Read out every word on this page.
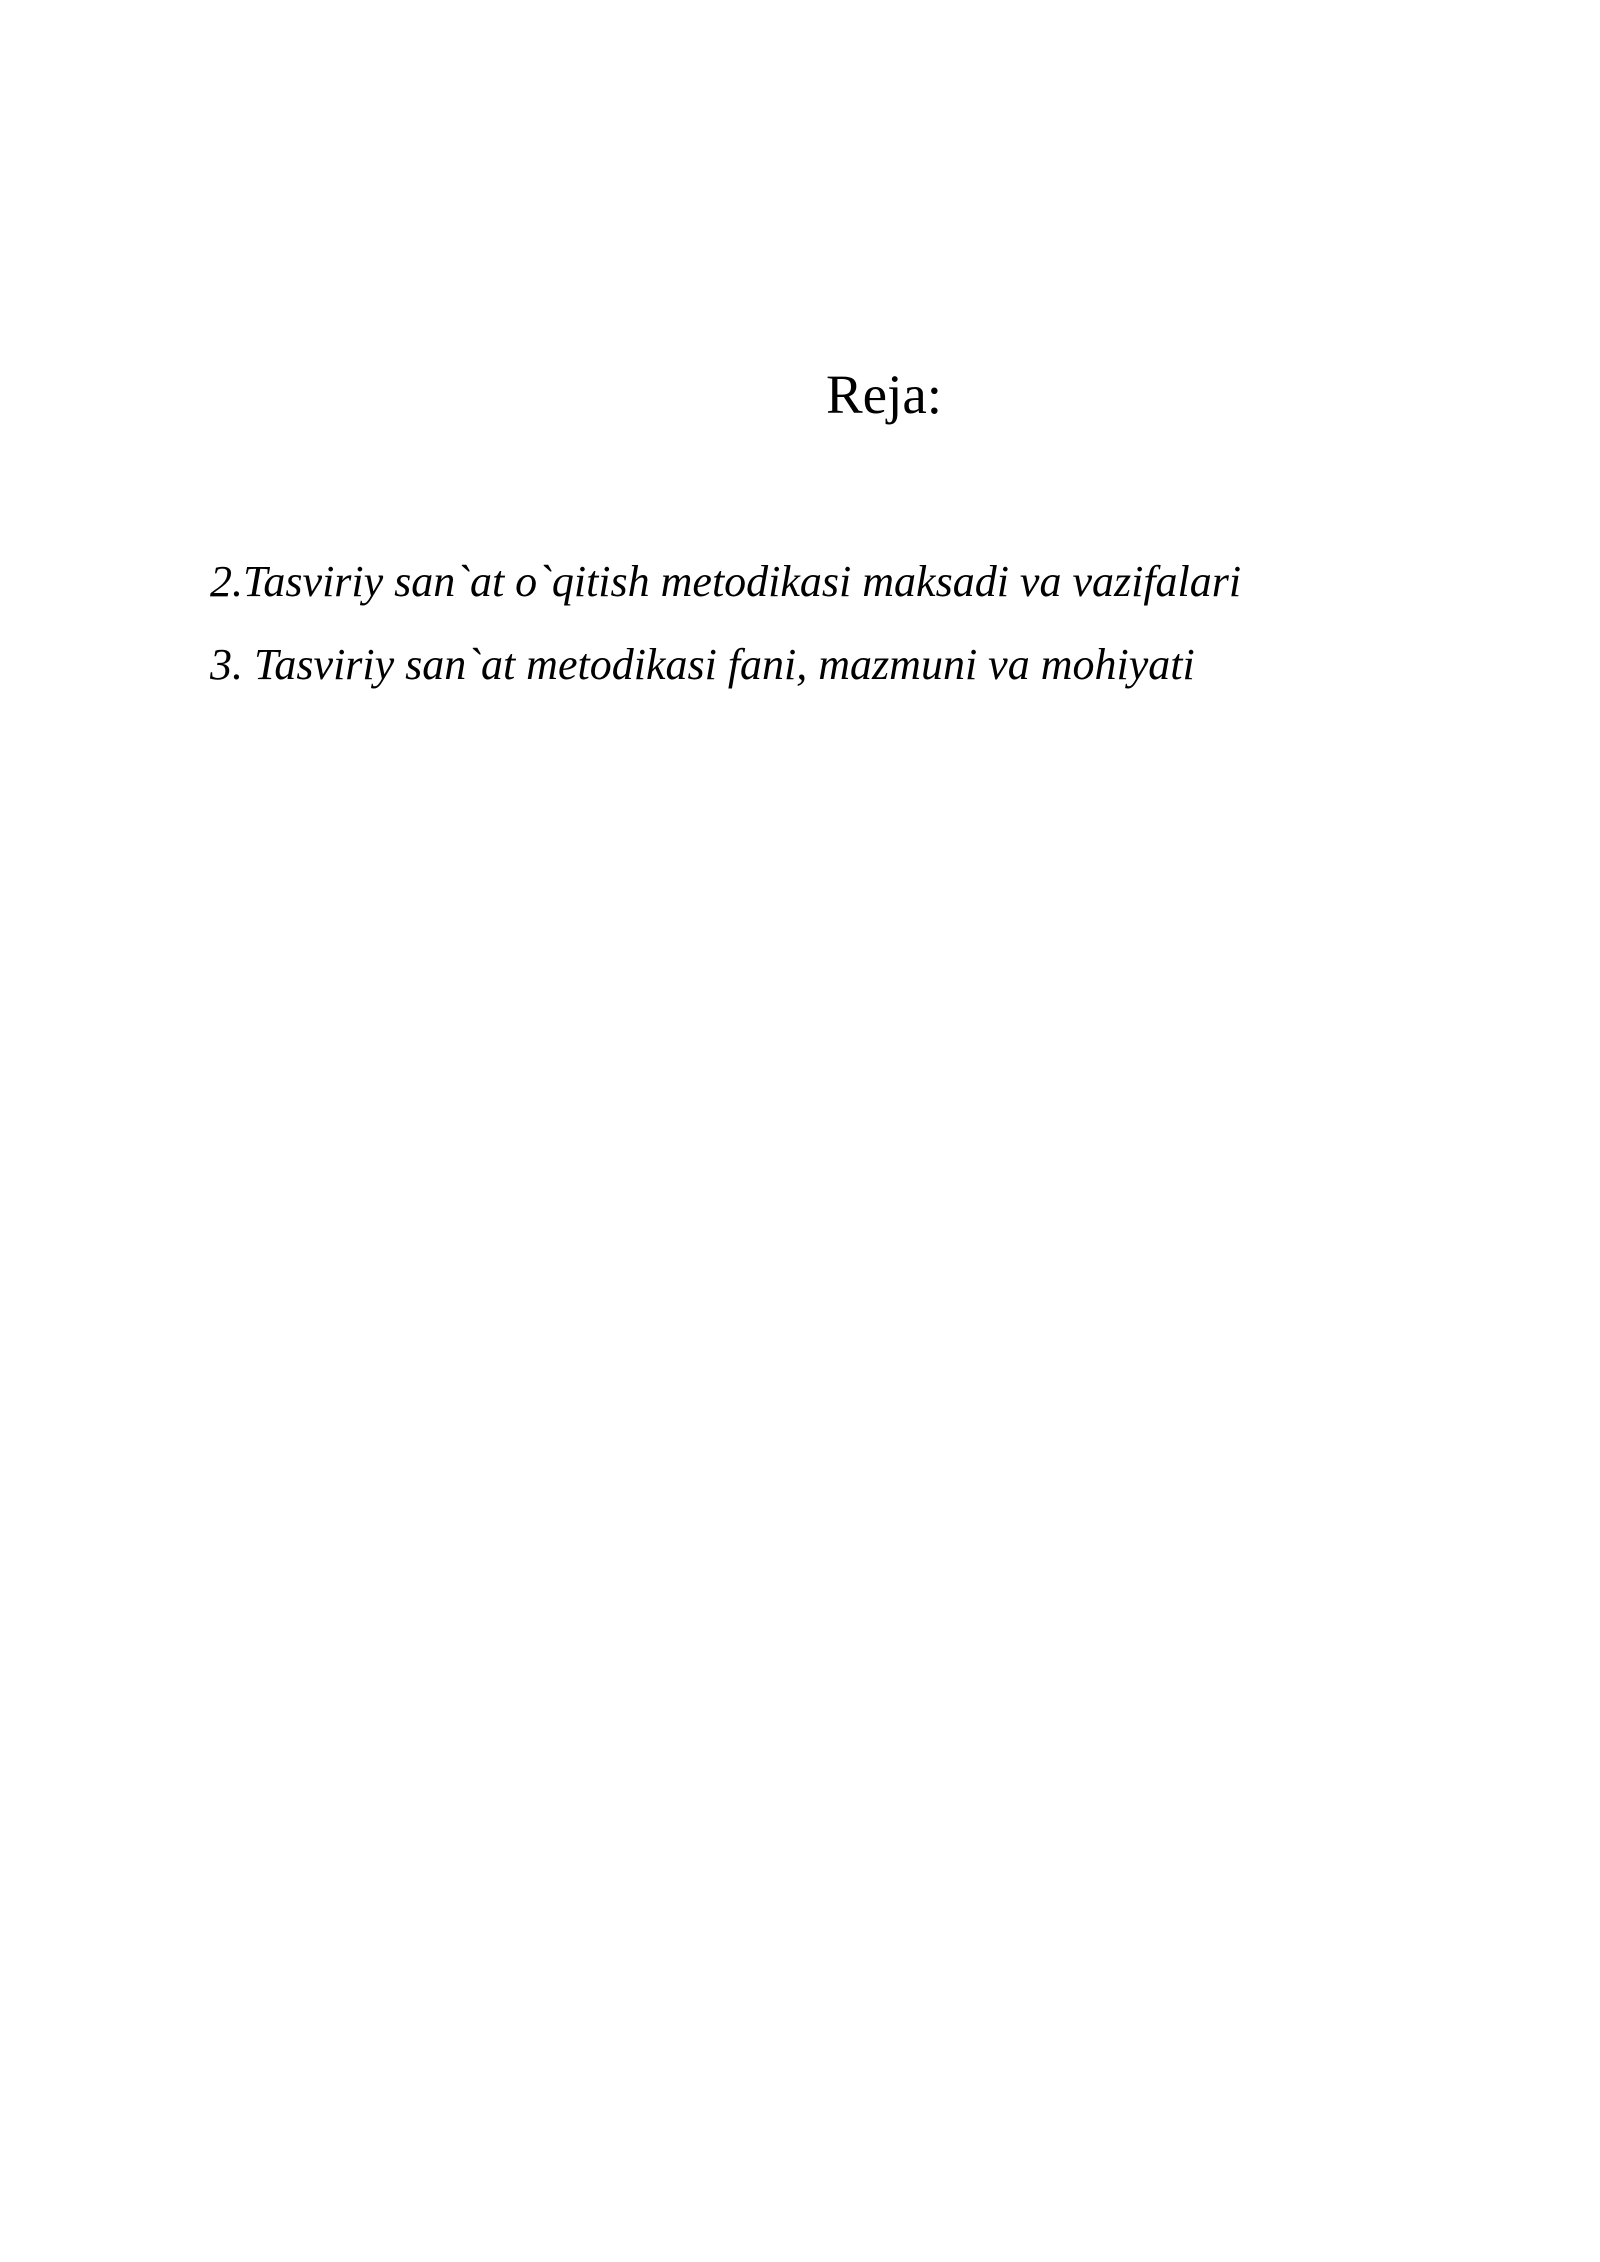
Reja:
2.Tasviriy san`at o`qitish metodikasi maksadi va vazifalari
3. Tasviriy san`at metodikasi fani, mazmuni va mohiyati
